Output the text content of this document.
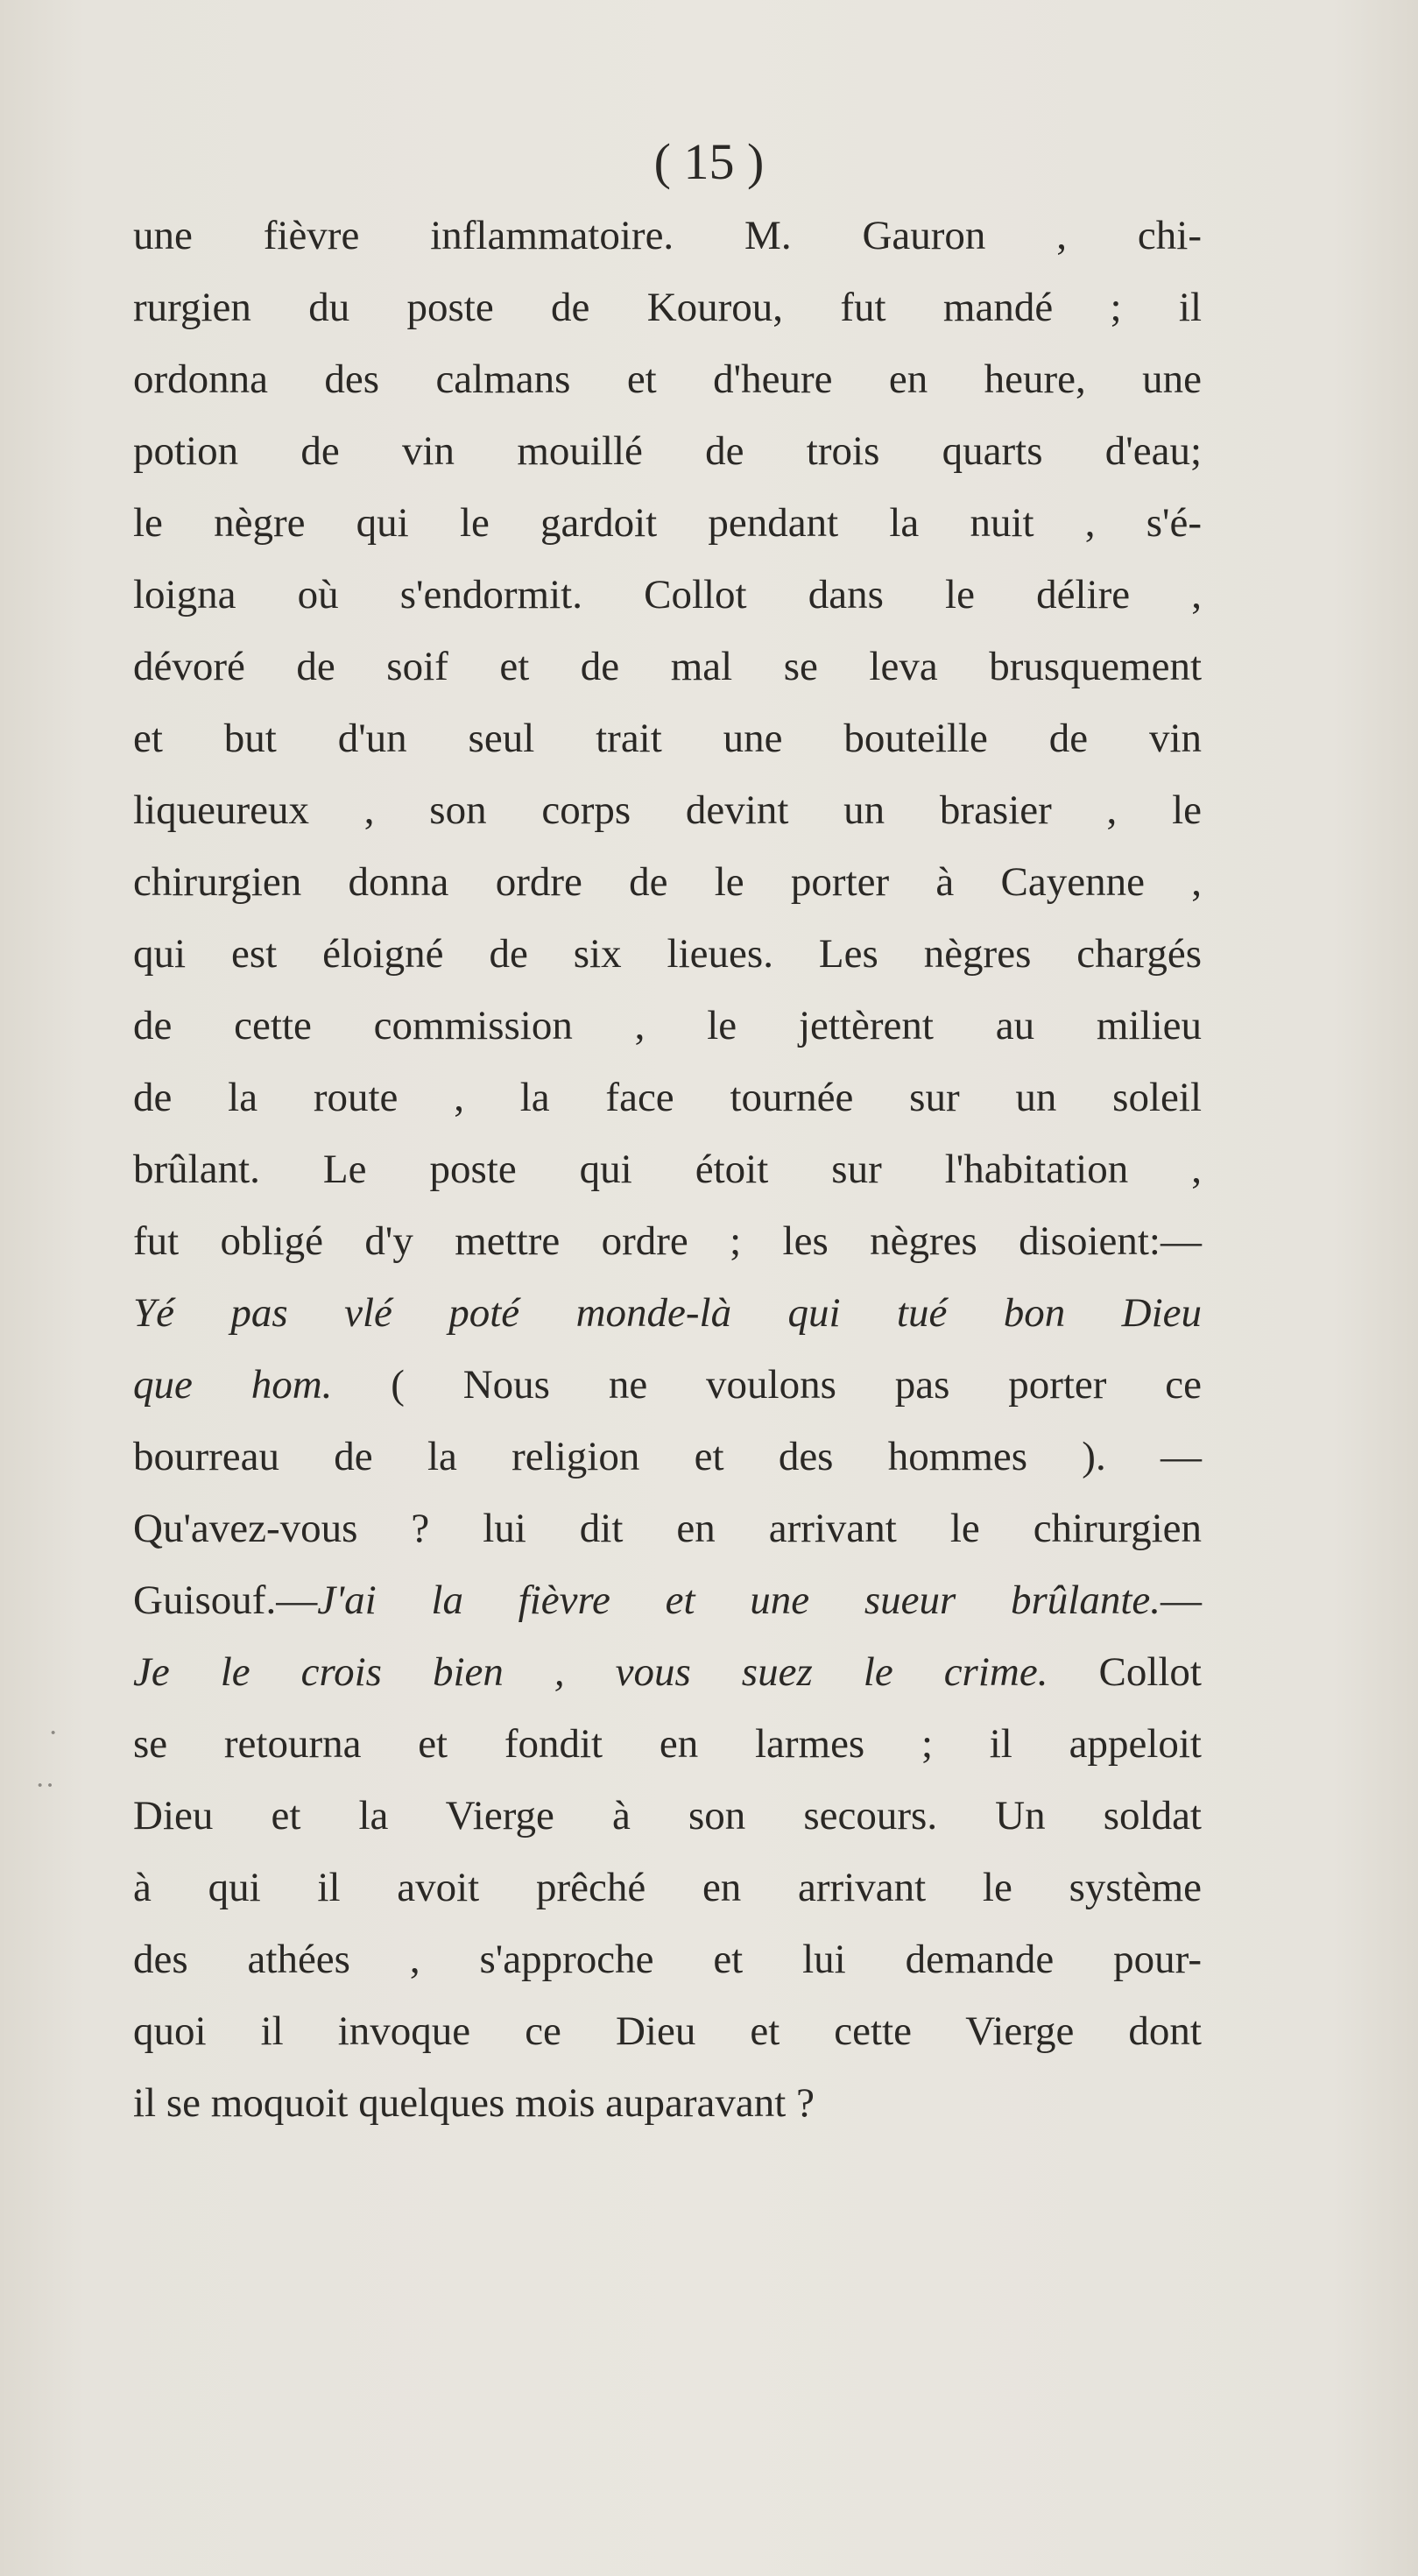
( 15 )
une fièvre inflammatoire. M. Gauron , chi-
rurgien du poste de Kourou, fut mandé ; il
ordonna des calmans et d'heure en heure, une
potion de vin mouillé de trois quarts d'eau;
le nègre qui le gardoit pendant la nuit , s'é-
loigna où s'endormit. Collot dans le délire ,
dévoré de soif et de mal se leva brusquement
et but d'un seul trait une bouteille de vin
liqueureux , son corps devint un brasier , le
chirurgien donna ordre de le porter à Cayenne ,
qui est éloigné de six lieues. Les nègres chargés
de cette commission , le jettèrent au milieu
de la route , la face tournée sur un soleil
brûlant. Le poste qui étoit sur l'habitation ,
fut obligé d'y mettre ordre ; les nègres disoient:—
Yé pas vlé poté monde-là qui tué bon Dieu
que hom. ( Nous ne voulons pas porter ce
bourreau de la religion et des hommes ). —
Qu'avez-vous ? lui dit en arrivant le chirurgien
Guisouf.—J'ai la fièvre et une sueur brûlante.—
Je le crois bien , vous suez le crime. Collot
se retourna et fondit en larmes ; il appeloit
Dieu et la Vierge à son secours. Un soldat
à qui il avoit prêché en arrivant le système
des athées , s'approche et lui demande pour-
quoi il invoque ce Dieu et cette Vierge dont
il se moquoit quelques mois auparavant ?
·
··
